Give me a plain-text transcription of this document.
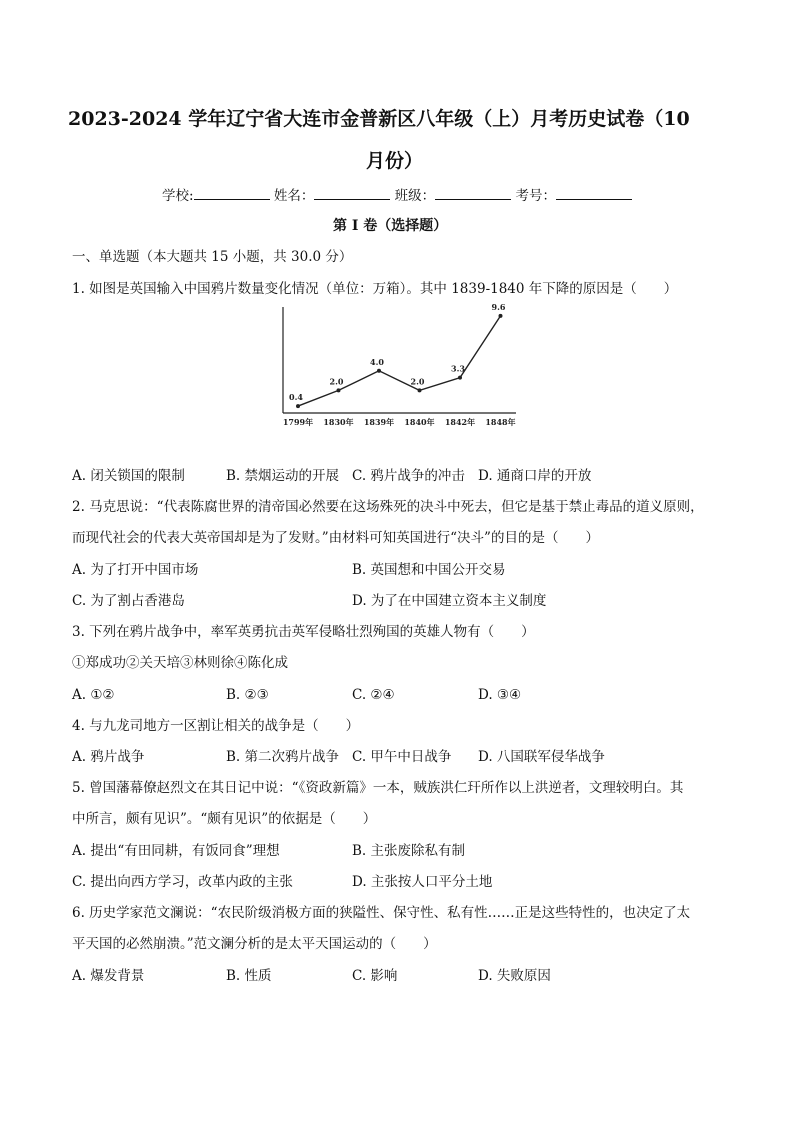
2023-2024 学年辽宁省大连市金普新区八年级（上）月考历史试卷（10
月份）
学校:	姓名：	班级：	考号：
第 I 卷（选择题）
一、单选题（本大题共 15 小题，共 30.0 分）
1. 如图是英国输入中国鸦片数量变化情况（单位：万箱）。其中 1839-1840 年下降的原因是（　　）
0.4
1799年
2.0
1830年
4.0
1839年
2.0
1840年
3.3
1842年
9.6
1848年
A. 闭关锁国的限制	B. 禁烟运动的开展 C. 鸦片战争的冲击 D. 通商口岸的开放
2. 马克思说：“代表陈腐世界的清帝国必然要在这场殊死的决斗中死去，但它是基于禁止毒品的道义原则，
而现代社会的代表大英帝国却是为了发财。”由材料可知英国进行“决斗”的目的是（　　）
A. 为了打开中国市场	B. 英国想和中国公开交易
C. 为了割占香港岛	D. 为了在中国建立资本主义制度
3. 下列在鸦片战争中，率军英勇抗击英军侵略壮烈殉国的英雄人物有（　　）
①郑成功②关天培③林则徐④陈化成
A. ①②	B. ②③	C. ②④	D. ③④
4. 与九龙司地方一区割让相关的战争是（　　）
A. 鸦片战争	B. 第二次鸦片战争 C. 甲午中日战争 D. 八国联军侵华战争
5. 曾国藩幕僚赵烈文在其日记中说：“《资政新篇》一本，贼族洪仁玕所作以上洪逆者，文理较明白。其
中所言，颇有见识”。“颇有见识”的依据是（　　）
A. 提出“有田同耕，有饭同食”理想	B. 主张废除私有制
C. 提出向西方学习，改革内政的主张	D. 主张按人口平分土地
6. 历史学家范文澜说：“农民阶级消极方面的狭隘性、保守性、私有性……正是这些特性的，也决定了太
平天国的必然崩溃。”范文澜分析的是太平天国运动的（　　）
A. 爆发背景	B. 性质	C. 影响	D. 失败原因
